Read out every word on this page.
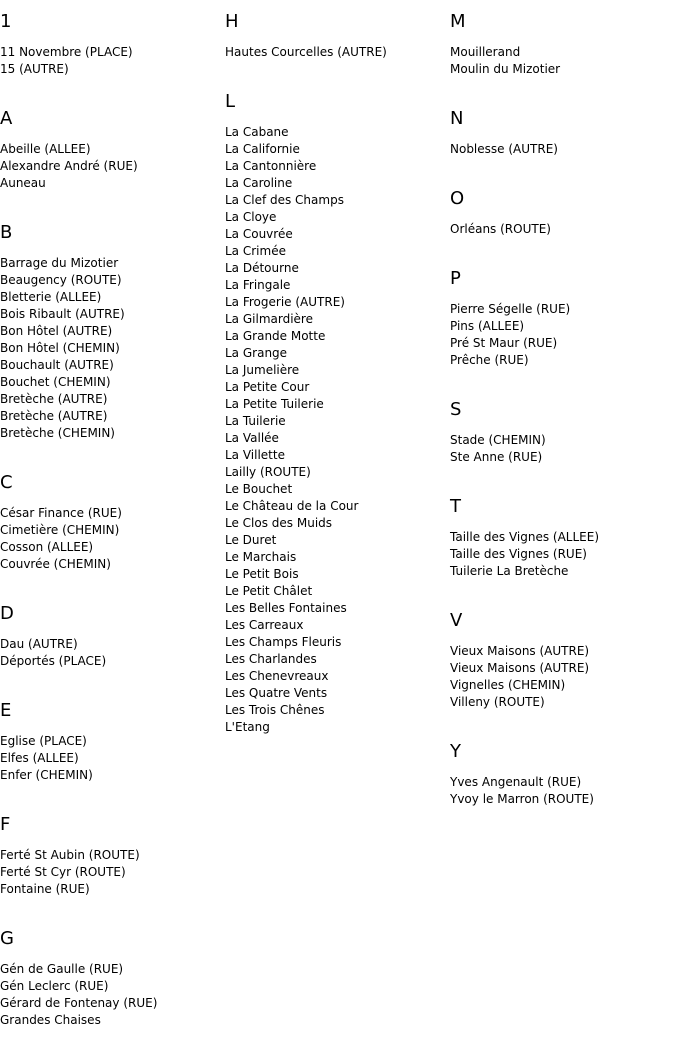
1
11 Novembre (PLACE)
15 (AUTRE)
A
Abeille (ALLEE)
Alexandre André (RUE)
Auneau
B
Barrage du Mizotier
Beaugency (ROUTE)
Bletterie (ALLEE)
Bois Ribault (AUTRE)
Bon Hôtel (AUTRE)
Bon Hôtel (CHEMIN)
Bouchault (AUTRE)
Bouchet (CHEMIN)
Bretèche (AUTRE)
Bretèche (AUTRE)
Bretèche (CHEMIN)
C
César Finance (RUE)
Cimetière (CHEMIN)
Cosson (ALLEE)
Couvrée (CHEMIN)
D
Dau (AUTRE)
Déportés (PLACE)
E
Eglise (PLACE)
Elfes (ALLEE)
Enfer (CHEMIN)
F
Ferté St Aubin (ROUTE)
Ferté St Cyr (ROUTE)
Fontaine (RUE)
G
Gén de Gaulle (RUE)
Gén Leclerc (RUE)
Gérard de Fontenay (RUE)
Grandes Chaises
H
Hautes Courcelles (AUTRE)
L
La Cabane
La Californie
La Cantonnière
La Caroline
La Clef des Champs
La Cloye
La Couvrée
La Crimée
La Détourne
La Fringale
La Frogerie (AUTRE)
La Gilmardière
La Grande Motte
La Grange
La Jumelière
La Petite Cour
La Petite Tuilerie
La Tuilerie
La Vallée
La Villette
Lailly (ROUTE)
Le Bouchet
Le Château de la Cour
Le Clos des Muids
Le Duret
Le Marchais
Le Petit Bois
Le Petit Châlet
Les Belles Fontaines
Les Carreaux
Les Champs Fleuris
Les Charlandes
Les Chenevreaux
Les Quatre Vents
Les Trois Chênes
L'Etang
M
Mouillerand
Moulin du Mizotier
N
Noblesse (AUTRE)
O
Orléans (ROUTE)
P
Pierre Ségelle (RUE)
Pins (ALLEE)
Pré St Maur (RUE)
Prêche (RUE)
S
Stade (CHEMIN)
Ste Anne (RUE)
T
Taille des Vignes (ALLEE)
Taille des Vignes (RUE)
Tuilerie La Bretèche
V
Vieux Maisons (AUTRE)
Vieux Maisons (AUTRE)
Vignelles (CHEMIN)
Villeny (ROUTE)
Y
Yves Angenault (RUE)
Yvoy le Marron (ROUTE)
